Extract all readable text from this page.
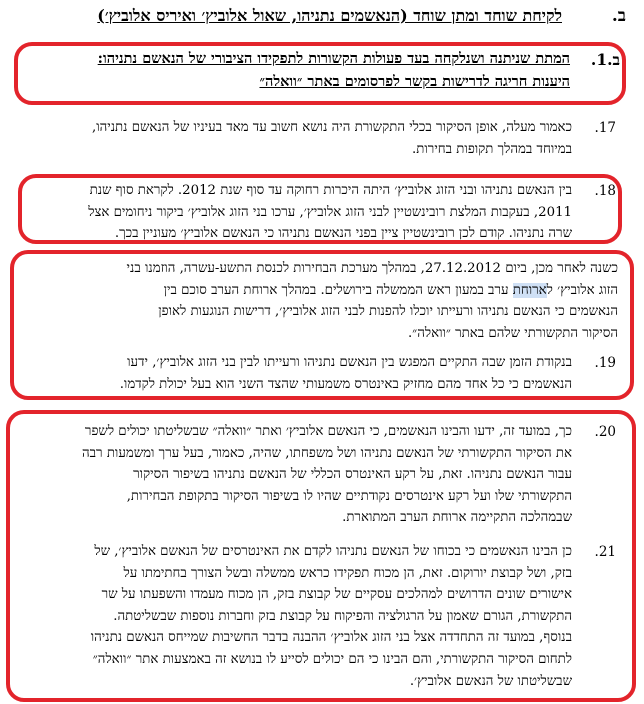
ב.
לקיחת שוחד ומתן שוחד (הנאשמים נתניהו, שאול אלוביץ׳ ואיריס אלוביץ׳)
ב.1.
המתת שניתנה ושנלקחה בעד פעולות הקשורות לתפקידו הציבורי של הנאשם נתניהו:
היענות חריגה לדרישות בקשר לפרסומים באתר ״וואלה״
17.
כאמור מעלה, אופן הסיקור בכלי התקשורת היה נושא חשוב עד מאד בעיניו של הנאשם נתניהו,
במיוחד במהלך תקופות בחירות.
18.
בין הנאשם נתניהו ובני הזוג אלוביץ׳ היתה היכרות רחוקה עד סוף שנת 2012. לקראת סוף שנת
2011, בעקבות המלצת רובינשטיין לבני הזוג אלוביץ׳, ערכו בני הזוג אלוביץ׳ ביקור ניחומים אצל
שרה נתניהו. קודם לכן רובינשטיין ציין בפני הנאשם נתניהו כי הנאשם אלוביץ׳ מעוניין בכך.
כשנה לאחר מכן, ביום 27.12.2012, במהלך מערכת הבחירות לכנסת התשע-עשרה, הוזמנו בני
הזוג אלוביץ׳ לארוחת ערב במעון ראש הממשלה בירושלים. במהלך ארוחת הערב סוכם בין
הנאשמים כי הנאשם נתניהו ורעייתו יוכלו להפנות לבני הזוג אלוביץ׳, דרישות הנוגעות לאופן
הסיקור התקשורתי שלהם באתר ״וואלה״.
19.
בנקודת הזמן שבה התקיים המפגש בין הנאשם נתניהו ורעייתו לבין בני הזוג אלוביץ׳, ידעו
הנאשמים כי כל אחד מהם מחזיק באינטרס משמעותי שהצד השני הוא בעל יכולת לקדמו.
20.
כך, במועד זה, ידעו והבינו הנאשמים, כי הנאשם אלוביץ׳ ואתר ״וואלה״ שבשליטתו יכולים לשפר
את הסיקור התקשורתי של הנאשם נתניהו ושל משפחתו, שהיה, כאמור, בעל ערך ומשמעות רבה
עבור הנאשם נתניהו. זאת, על רקע האינטרס הכללי של הנאשם נתניהו בשיפור הסיקור
התקשורתי שלו ועל רקע אינטרסים נקודתיים שהיו לו בשיפור הסיקור בתקופת הבחירות,
שבמהלכה התקיימה ארוחת הערב המתוארת.
21.
כן הבינו הנאשמים כי בכוחו של הנאשם נתניהו לקדם את האינטרסים של הנאשם אלוביץ׳, של
בזק, ושל קבוצת יורוקום. זאת, הן מכוח תפקידו כראש ממשלה ובשל הצורך בחתימתו על
אישורים שונים הדרושים למהלכים עסקיים של קבוצת בזק, הן מכוח מעמדו והשפעתו על שר
התקשורת, הגורם שאמון על הרגולציה והפיקוח על קבוצת בזק וחברות נוספות שבשליטתה.
בנוסף, במועד זה התחדדה אצל בני הזוג אלוביץ׳ ההבנה בדבר החשיבות שמייחס הנאשם נתניהו
לתחום הסיקור התקשורתי, והם הבינו כי הם יכולים לסייע לו בנושא זה באמצעות אתר ״וואלה״
שבשליטתו של הנאשם אלוביץ׳.
